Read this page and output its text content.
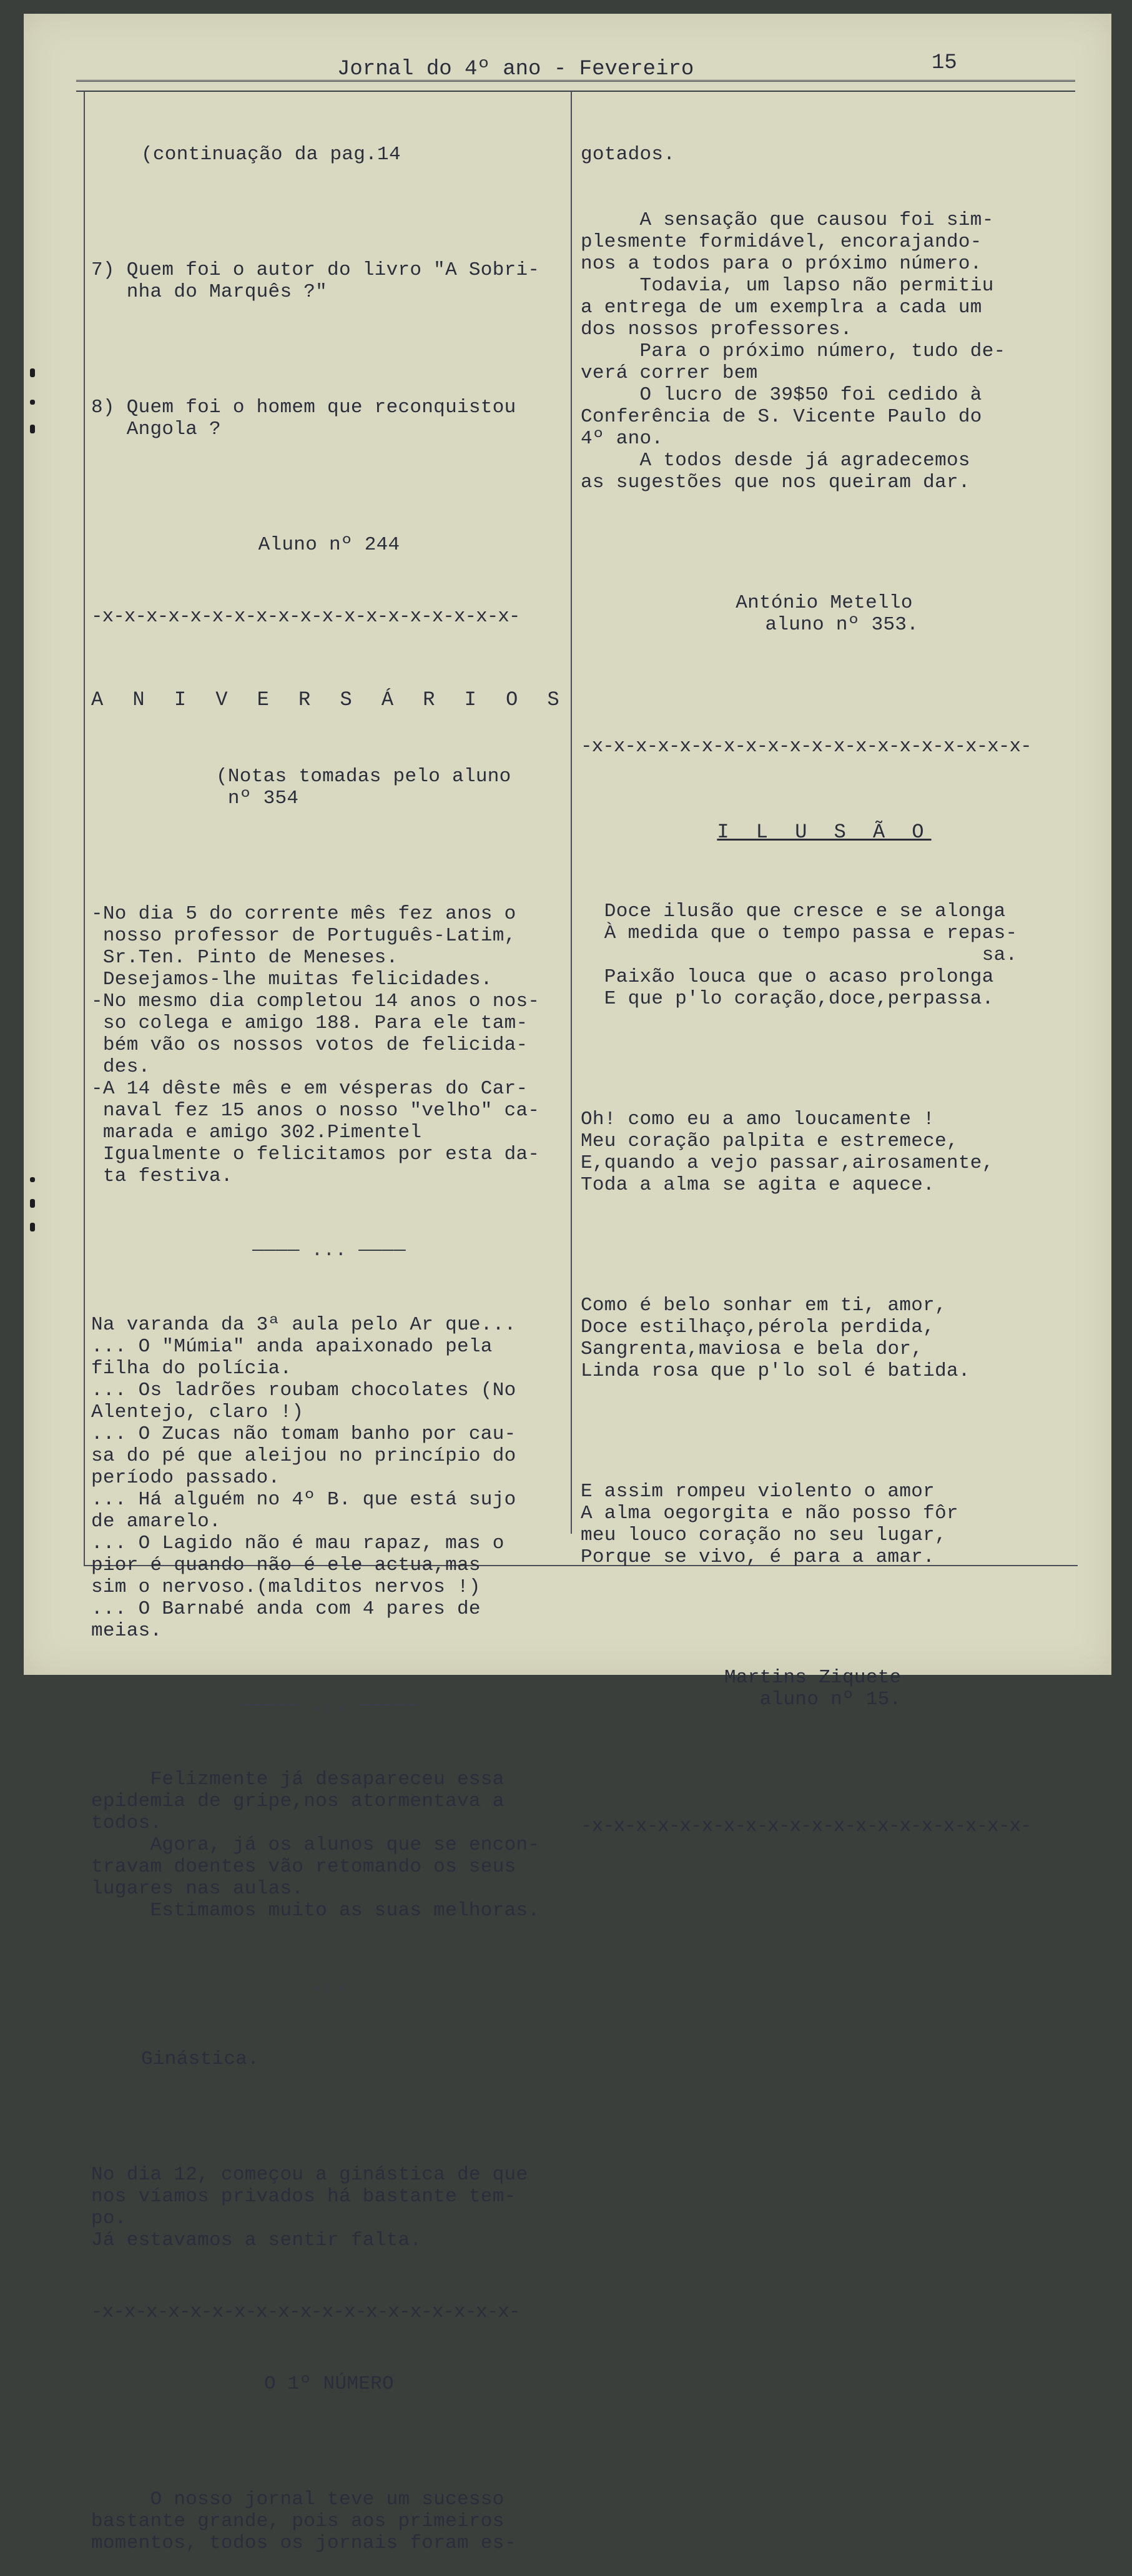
Jornal do 4º ano - Fevereiro	15

(continuação da pag.14

7) Quem foi o autor do livro "A Sobri-
nha do Marquês ?"

8) Quem foi o homem que reconquistou
Angola ?

Aluno nº 244

-x-x-x-x-x-x-x-x-x-x-x-x-x-x-x-x-x-x-x-

A N I V E R S Á R I O S

(Notas tomadas pelo aluno
nº 354

-No dia 5 do corrente mês fez anos o
nosso professor de Português-Latim,
Sr.Ten. Pinto de Meneses.
Desejamos-lhe muitas felicidades.
-No mesmo dia completou 14 anos o nos-
so colega e amigo 188. Para ele tam-
bém vão os nossos votos de felicida-
des.
-A 14 dêste mês e em vésperas do Car-
naval fez 15 anos o nosso "velho" ca-
marada e amigo 302.Pimentel
Igualmente o felicitamos por esta da-
ta festiva.

———— ... ————

Na varanda da 3ª aula pelo Ar que...
... O "Múmia" anda apaixonado pela
filha do polícia.
... Os ladrões roubam chocolates (No
Alentejo, claro !)
... O Zucas não tomam banho por cau-
sa do pé que aleijou no princípio do
período passado.
... Há alguém no 4º B. que está sujo
de amarelo.
... O Lagido não é mau rapaz, mas o
pior é quando não é ele actua,mas
sim o nervoso.(malditos nervos !)
... O Barnabé anda com 4 pares de
meias.

————— ... —————

Felizmente já desapareceu essa
epidemia de gripe,nos atormentava a
todos.
Agora, já os alunos que se encon-
travam doentes vão retomando os seus
lugares nas aulas.
Estimamos muito as suas melhoras.

...

Ginástica.

No dia 12, começou a ginástica de que
nos víamos privados há bastante tem-
po.
Já estavamos a sentir falta.

-x-x-x-x-x-x-x-x-x-x-x-x-x-x-x-x-x-x-x-

O 1º NÚMERO

O nosso jornal teve um sucesso
bastante grande, pois aos primeiros
momentos, todos os jornais foram es-

gotados.

A sensação que causou foi sim-
plesmente formidável, encorajando-
nos a todos para o próximo número.
Todavia, um lapso não permitiu
a entrega de um exemplra a cada um
dos nossos professores.
Para o próximo número, tudo de-
verá correr bem
O lucro de 39$50 foi cedido à
Conferência de S. Vicente Paulo do
4º ano.
A todos desde já agradecemos
as sugestões que nos queiram dar.

António Metello
aluno nº 353.

-x-x-x-x-x-x-x-x-x-x-x-x-x-x-x-x-x-x-x-x-

I L U S Ã O

Doce ilusão que cresce e se alonga
À medida que o tempo passa e repas-
sa.
Paixão louca que o acaso prolonga
E que p'lo coração,doce,perpassa.

Oh! como eu a amo loucamente !
Meu coração palpita e estremece,
E,quando a vejo passar,airosamente,
Toda a alma se agita e aquece.

Como é belo sonhar em ti, amor,
Doce estilhaço,pérola perdida,
Sangrenta,maviosa e bela dor,
Linda rosa que p'lo sol é batida.

E assim rompeu violento o amor
A alma oegorgita e não posso fôr
meu louco coração no seu lugar,
Porque se vivo, é para a amar.

Martins Ziquete
aluno nº 15.

-x-x-x-x-x-x-x-x-x-x-x-x-x-x-x-x-x-x-x-x-
